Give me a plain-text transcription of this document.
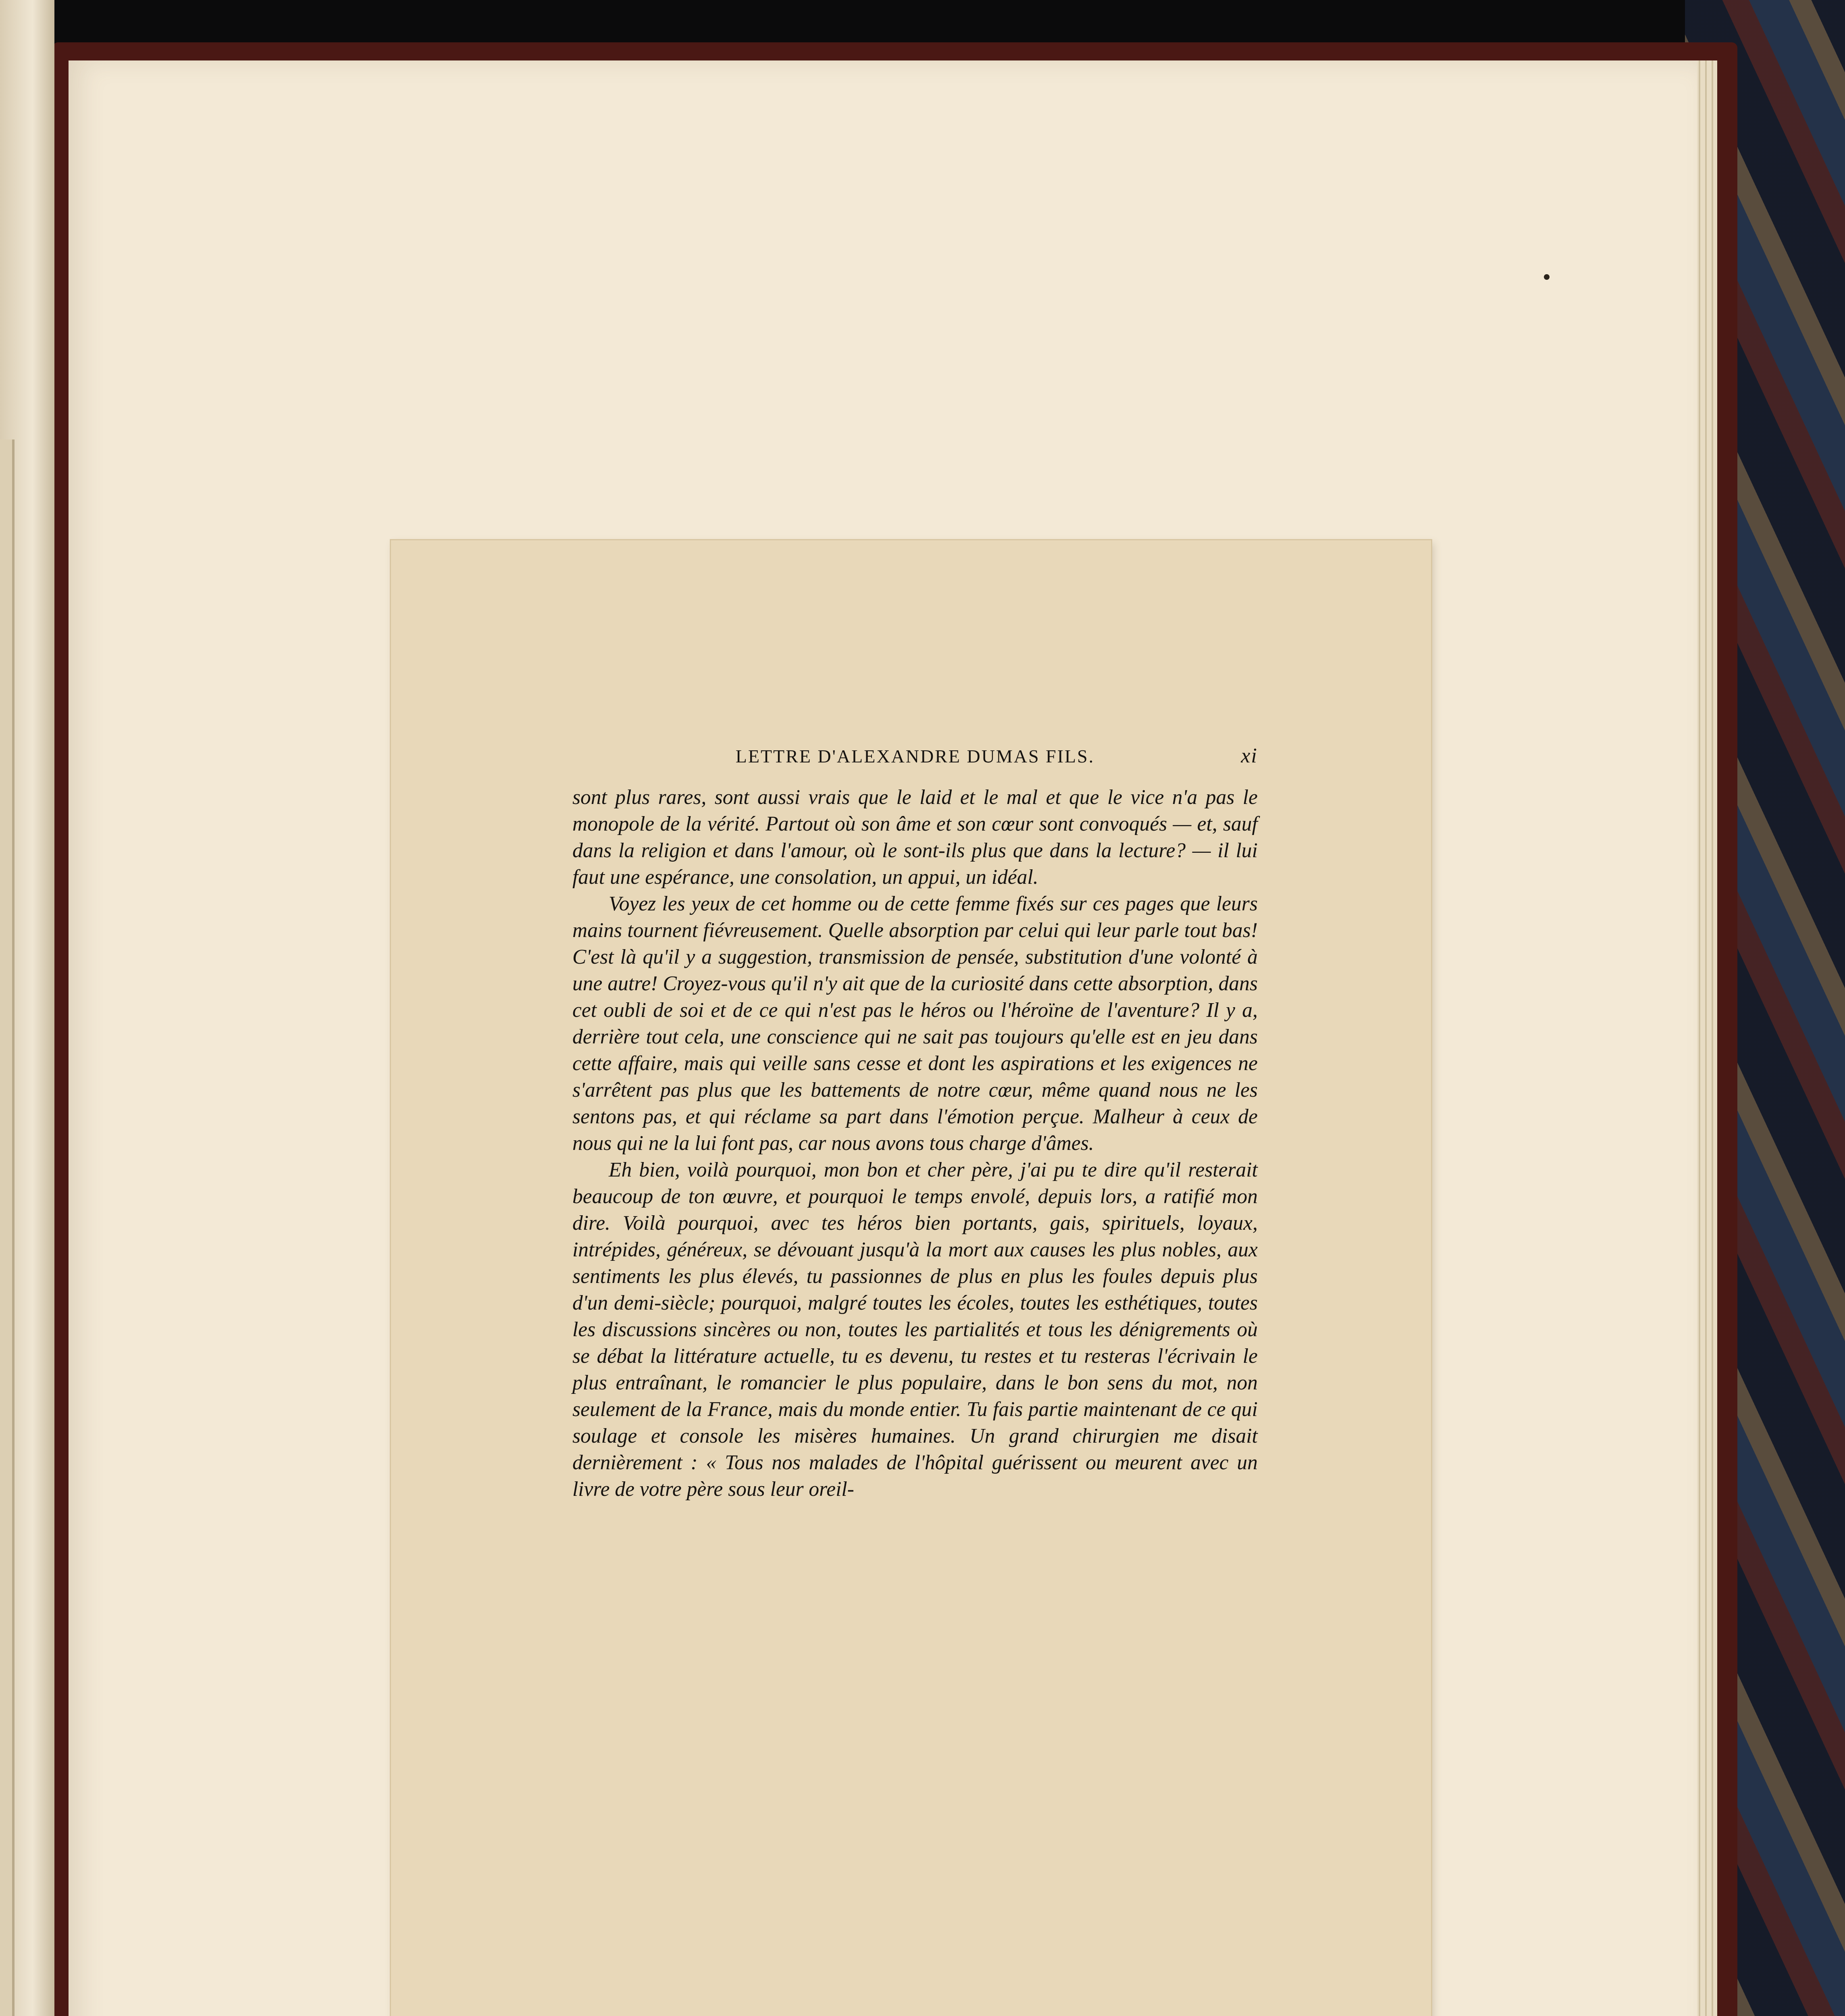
LETTRE D'ALEXANDRE DUMAS FILS.	xi

sont plus rares, sont aussi vrais que le laid et le mal et que le vice n'a pas le monopole de la vérité. Partout où son âme et son cœur sont convoqués — et, sauf dans la religion et dans l'amour, où le sont-ils plus que dans la lecture? — il lui faut une espérance, une consolation, un appui, un idéal.

Voyez les yeux de cet homme ou de cette femme fixés sur ces pages que leurs mains tournent fiévreusement. Quelle absorption par celui qui leur parle tout bas! C'est là qu'il y a suggestion, transmission de pensée, substitution d'une volonté à une autre! Croyez-vous qu'il n'y ait que de la curiosité dans cette absorption, dans cet oubli de soi et de ce qui n'est pas le héros ou l'héroïne de l'aventure? Il y a, derrière tout cela, une conscience qui ne sait pas toujours qu'elle est en jeu dans cette affaire, mais qui veille sans cesse et dont les aspirations et les exigences ne s'arrêtent pas plus que les battements de notre cœur, même quand nous ne les sentons pas, et qui réclame sa part dans l'émotion perçue. Malheur à ceux de nous qui ne la lui font pas, car nous avons tous charge d'âmes.

Eh bien, voilà pourquoi, mon bon et cher père, j'ai pu te dire qu'il resterait beaucoup de ton œuvre, et pourquoi le temps envolé, depuis lors, a ratifié mon dire. Voilà pourquoi, avec tes héros bien portants, gais, spirituels, loyaux, intrépides, généreux, se dévouant jusqu'à la mort aux causes les plus nobles, aux sentiments les plus élevés, tu passionnes de plus en plus les foules depuis plus d'un demi-siècle; pourquoi, malgré toutes les écoles, toutes les esthétiques, toutes les discussions sincères ou non, toutes les partialités et tous les dénigrements où se débat la littérature actuelle, tu es devenu, tu restes et tu resteras l'écrivain le plus entraînant, le romancier le plus populaire, dans le bon sens du mot, non seulement de la France, mais du monde entier. Tu fais partie maintenant de ce qui soulage et console les misères humaines. Un grand chirurgien me disait dernièrement : « Tous nos malades de l'hôpital guérissent ou meurent avec un livre de votre père sous leur oreil-
